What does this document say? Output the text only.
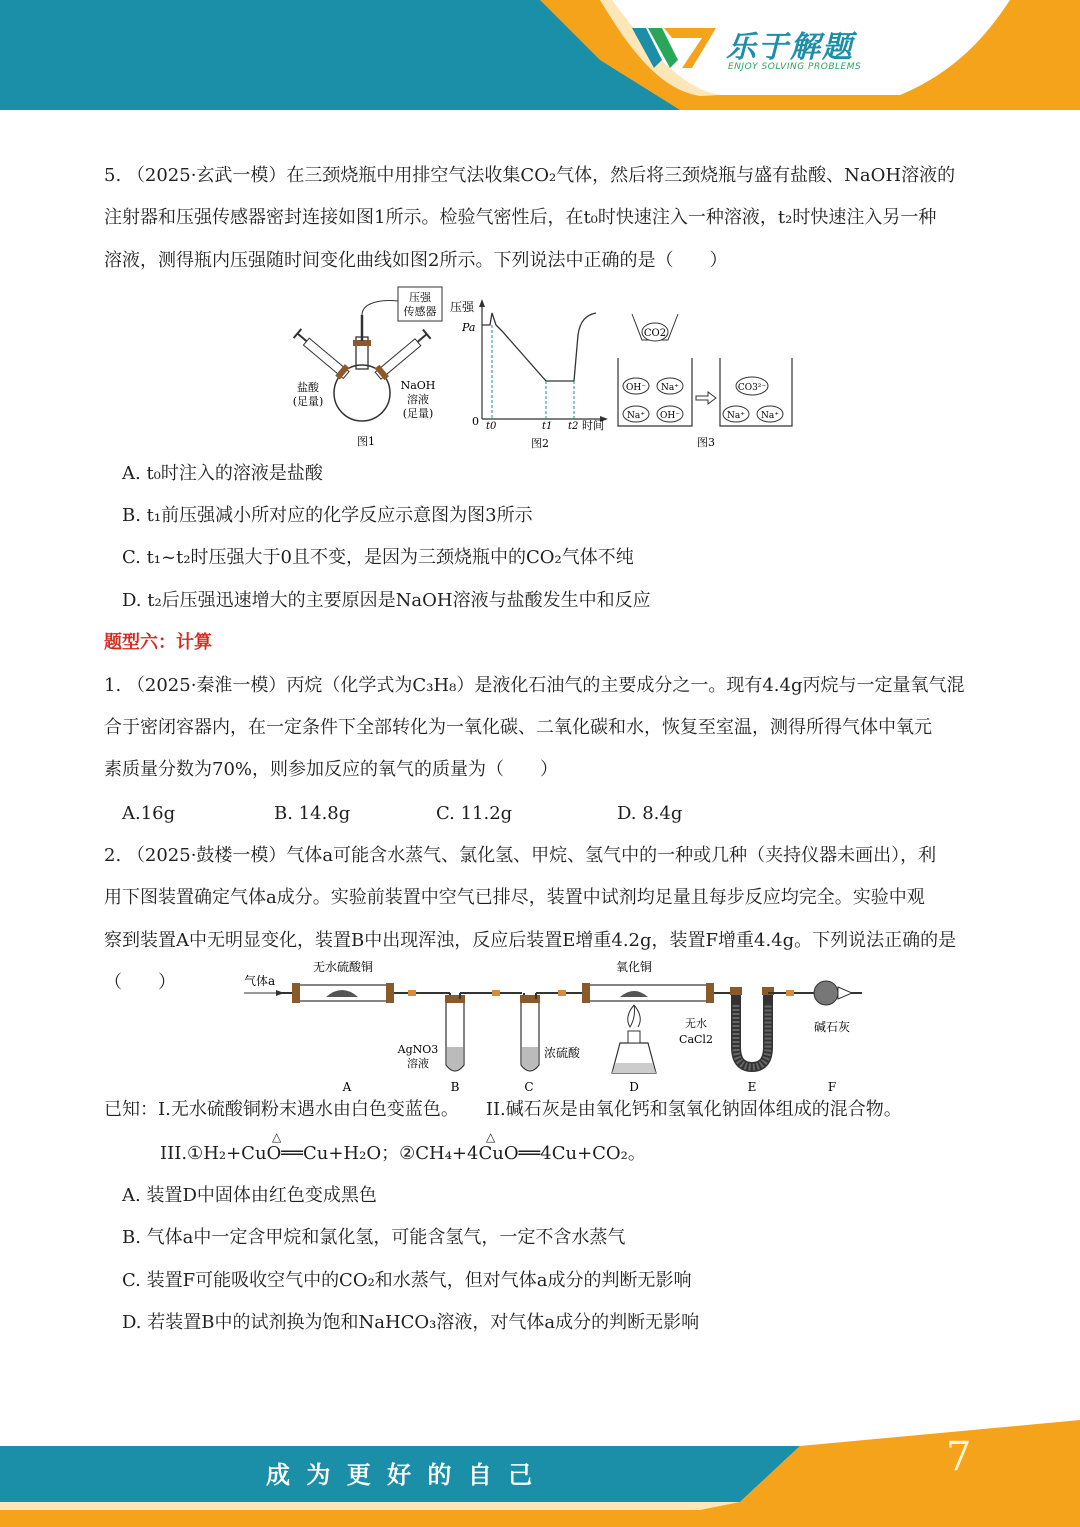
乐于解题
ENJOY SOLVING PROBLEMS
5. （2025·玄武一模）在三颈烧瓶中用排空气法收集CO₂气体，然后将三颈烧瓶与盛有盐酸、NaOH溶液的
注射器和压强传感器密封连接如图1所示。检验气密性后，在t₀时快速注入一种溶液，t₂时快速注入另一种
溶液，测得瓶内压强随时间变化曲线如图2所示。下列说法中正确的是（　　）
压强
传感器
盐酸
(足量)
NaOH
溶液
(足量)
图1
压强
Pa
0 t0	t1 t2 时间
图2
CO2
OH⁻ Na⁺
Na⁺ OH⁻
CO3²⁻
Na⁺ Na⁺
图3
A. t₀时注入的溶液是盐酸
B. t₁前压强减小所对应的化学反应示意图为图3所示
C. t₁~t₂时压强大于0且不变，是因为三颈烧瓶中的CO₂气体不纯
D. t₂后压强迅速增大的主要原因是NaOH溶液与盐酸发生中和反应
题型六：计算
1. （2025·秦淮一模）丙烷（化学式为C₃H₈）是液化石油气的主要成分之一。现有4.4g丙烷与一定量氧气混
合于密闭容器内，在一定条件下全部转化为一氧化碳、二氧化碳和水，恢复至室温，测得所得气体中氧元
素质量分数为70%，则参加反应的氧气的质量为（　　）
A.16g	B. 14.8g	C. 11.2g	D. 8.4g
2. （2025·鼓楼一模）气体a可能含水蒸气、氯化氢、甲烷、氢气中的一种或几种（夹持仪器未画出），利
用下图装置确定气体a成分。实验前装置中空气已排尽，装置中试剂均足量且每步反应均完全。实验中观
察到装置A中无明显变化，装置B中出现浑浊，反应后装置E增重4.2g，装置F增重4.4g。下列说法正确的是
（　　）	气体a
无水硫酸铜
AgNO3
溶液
浓硫酸
氧化铜
无水
CaCl2
碱石灰
A	B	C	D	E	F
已知：I.无水硫酸铜粉末遇水由白色变蓝色。　　II.碱石灰是由氧化钙和氢氧化钠固体组成的混合物。
III.①H₂+CuO══Cu+H₂O；②CH₄+4CuO══4Cu+CO₂。
△	△
A. 装置D中固体由红色变成黑色
B. 气体a中一定含甲烷和氯化氢，可能含氢气，一定不含水蒸气
C. 装置F可能吸收空气中的CO₂和水蒸气，但对气体a成分的判断无影响
D. 若装置B中的试剂换为饱和NaHCO₃溶液，对气体a成分的判断无影响
成 为 更 好 的 自 己	7
